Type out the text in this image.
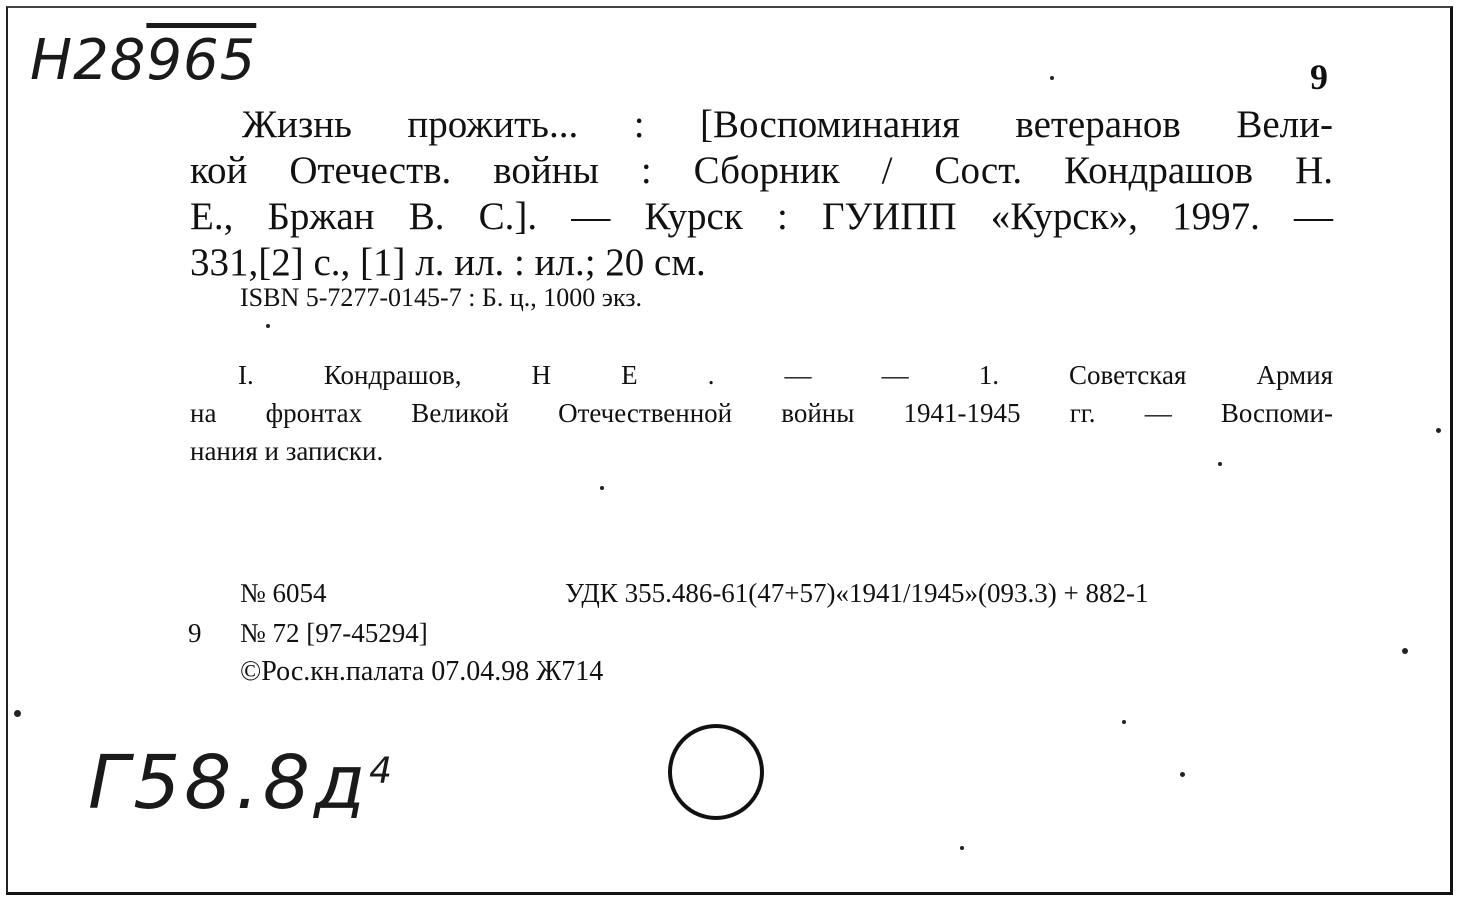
Н28965	9
Жизнь прожить... : [Воспоминания ветеранов Вели-
кой Отечеств. войны : Сборник / Сост. Кондрашов Н.
Е., Бржан В. С.]. — Курск : ГУИПП «Курск», 1997. —
331,[2] с., [1] л. ил. : ил.; 20 см.
ISBN 5-7277-0145-7 : Б. ц., 1000 экз.
I. Кондрашов, Н Е . — — 1. Советская Армия
на фронтах Великой Отечественной войны 1941-1945 гг. — Воспоми-
нания и записки.
№ 6054	УДК 355.486-61(47+57)«1941/1945»(093.3) + 882-1
9 № 72 [97-45294]
©Рос.кн.палата 07.04.98 Ж714
$Г58.8д^4$
